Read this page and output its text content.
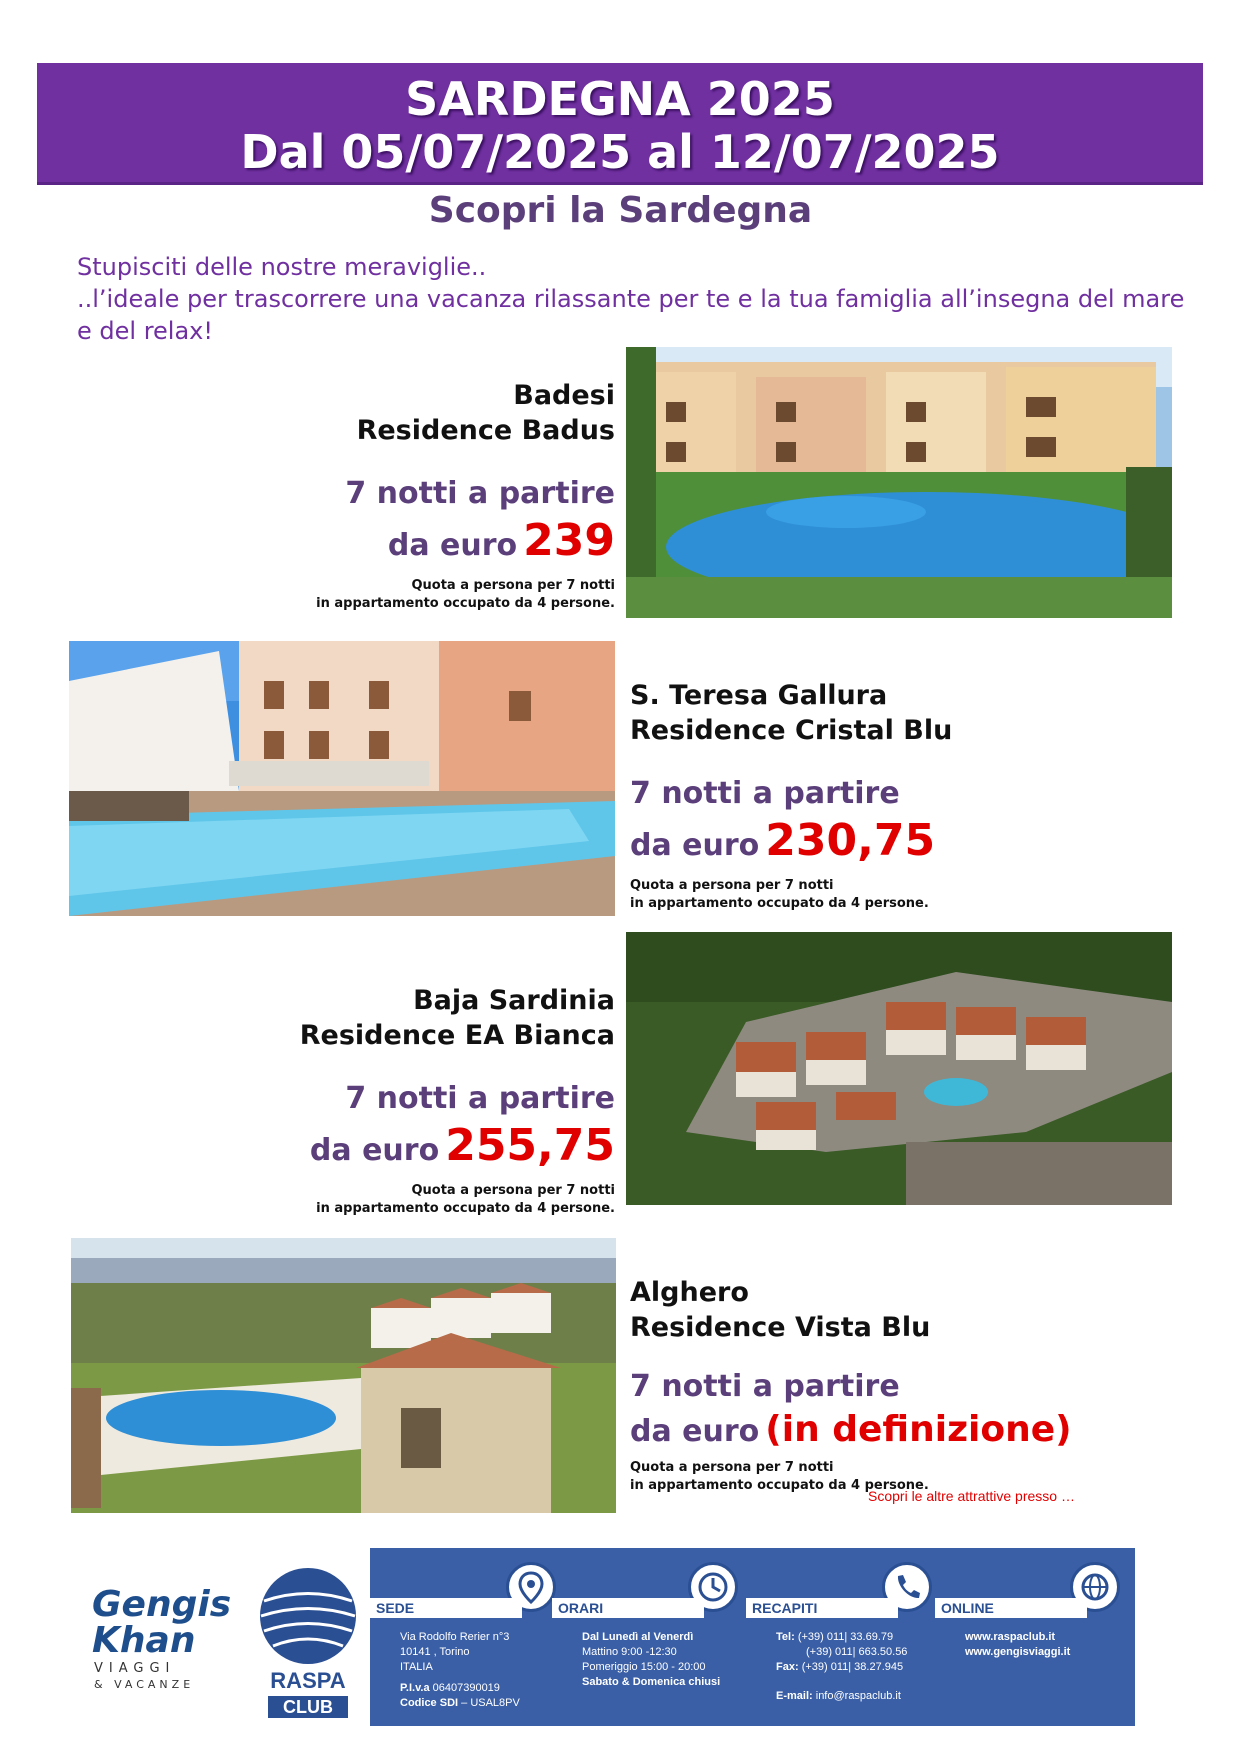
SARDEGNA 2025
Dal 05/07/2025 al 12/07/2025
Scopri la Sardegna
Stupisciti delle nostre meraviglie..
..l’ideale per trascorrere una vacanza rilassante per te e la tua famiglia all’insegna del mare e del relax!
Badesi
Residence Badus
7 notti a partire
da euro 239
Quota a persona per 7 notti
in appartamento occupato da 4 persone.
S. Teresa Gallura
Residence Cristal Blu
7 notti a partire
da euro 230,75
Quota a persona per 7 notti
in appartamento occupato da 4 persone.
Baja Sardinia
Residence EA Bianca
7 notti a partire
da euro 255,75
Quota a persona per 7 notti
in appartamento occupato da 4 persone.
Alghero
Residence Vista Blu
7 notti a partire
da euro (in definizione)
Quota a persona per 7 notti
in appartamento occupato da 4 persone.
Scopri le altre attrattive presso …
Gengis
Khan
VIAGGI
& VACANZE	RASPA
CLUB
SEDE
Via Rodolfo Rerier n°3
10141 , Torino
ITALIA
P.I.v.a 06407390019
Codice SDI – USAL8PV
ORARI
Dal Lunedì al Venerdì
Mattino 9:00 -12:30
Pomeriggio 15:00 - 20:00
Sabato & Domenica chiusi
RECAPITI
Tel: (+39) 011| 33.69.79
(+39) 011| 663.50.56
Fax: (+39) 011| 38.27.945
E-mail: info@raspaclub.it
ONLINE
www.raspaclub.it
www.gengisviaggi.it
